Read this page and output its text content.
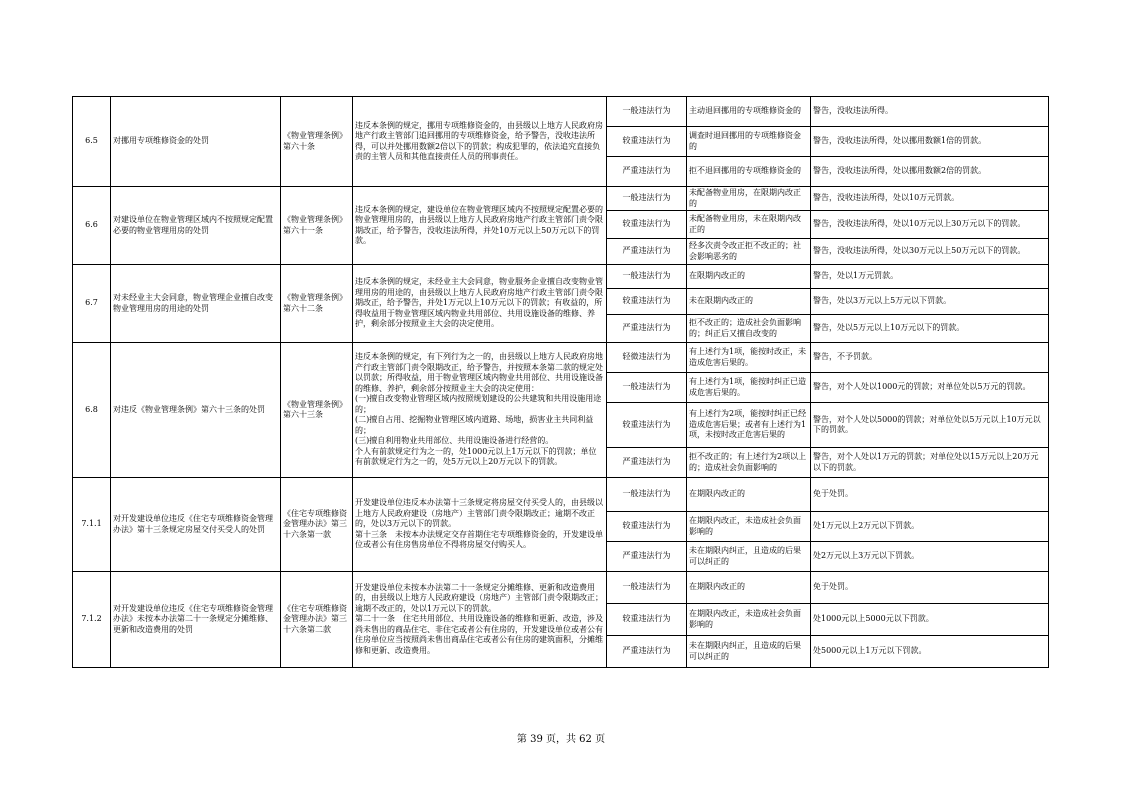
6.5	对挪用专项维修资金的处罚	《物业管理条例》第六十条	违反本条例的规定，挪用专项维修资金的，由县级以上地方人民政府房地产行政主管部门追回挪用的专项维修资金，给予警告，没收违法所得，可以并处挪用数额2倍以下的罚款；构成犯罪的，依法追究直接负责的主管人员和其他直接责任人员的刑事责任。	一般违法行为	主动退回挪用的专项维修资金的	警告，没收违法所得。
				较重违法行为	调查时退回挪用的专项维修资金的	警告，没收违法所得，处以挪用数额1倍的罚款。
				严重违法行为	拒不退回挪用的专项维修资金的	警告，没收违法所得，处以挪用数额2倍的罚款。
6.6	对建设单位在物业管理区域内不按照规定配置必要的物业管理用房的处罚	《物业管理条例》第六十一条	违反本条例的规定，建设单位在物业管理区域内不按照规定配置必要的物业管理用房的，由县级以上地方人民政府房地产行政主管部门责令限期改正，给予警告，没收违法所得，并处10万元以上50万元以下的罚款。	一般违法行为	未配备物业用房，在限期内改正的	警告，没收违法所得，处以10万元罚款。
				较重违法行为	未配备物业用房，未在限期内改正的	警告，没收违法所得，处以10万元以上30万元以下的罚款。
				严重违法行为	经多次责令改正拒不改正的；社会影响恶劣的	警告，没收违法所得，处以30万元以上50万元以下的罚款。
6.7	对未经业主大会同意，物业管理企业擅自改变物业管理用房的用途的处罚	《物业管理条例》第六十二条	违反本条例的规定，未经业主大会同意，物业服务企业擅自改变物业管理用房的用途的，由县级以上地方人民政府房地产行政主管部门责令限期改正，给予警告，并处1万元以上10万元以下的罚款；有收益的，所得收益用于物业管理区域内物业共用部位、共用设施设备的维修、养护，剩余部分按照业主大会的决定使用。	一般违法行为	在限期内改正的	警告，处以1万元罚款。
				较重违法行为	未在限期内改正的	警告，处以3万元以上5万元以下罚款。
				严重违法行为	拒不改正的；造成社会负面影响的；纠正后又擅自改变的	警告，处以5万元以上10万元以下的罚款。
6.8	对违反《物业管理条例》第六十三条的处罚	《物业管理条例》第六十三条	违反本条例的规定，有下列行为之一的，由县级以上地方人民政府房地产行政主管部门责令限期改正，给予警告，并按照本条第二款的规定处以罚款；所得收益，用于物业管理区域内物业共用部位、共用设施设备的维修、养护，剩余部分按照业主大会的决定使用：
(一)擅自改变物业管理区域内按照规划建设的公共建筑和共用设施用途的；
(二)擅自占用、挖掘物业管理区域内道路、场地，损害业主共同利益的；
(三)擅自利用物业共用部位、共用设施设备进行经营的。
个人有前款规定行为之一的，处1000元以上1万元以下的罚款；单位有前款规定行为之一的，处5万元以上20万元以下的罚款。	轻微违法行为	有上述行为1项，能按时改正，未造成危害后果的。	警告，不予罚款。
				一般违法行为	有上述行为1项，能按时纠正已造成危害后果的。	警告，对个人处以1000元的罚款；对单位处以5万元的罚款。
				较重违法行为	有上述行为2项，能按时纠正已经造成危害后果；或者有上述行为1项，未按时改正危害后果的	警告，对个人处以5000的罚款；对单位处以5万元以上10万元以下的罚款。
				严重违法行为	拒不改正的；有上述行为2项以上的；造成社会负面影响的	警告，对个人处以1万元的罚款；对单位处以15万元以上20万元以下的罚款。
7.1.1	对开发建设单位违反《住宅专项维修资金管理办法》第十三条规定房屋交付买受人的处罚	《住宅专项维修资金管理办法》第三十六条第一款	开发建设单位违反本办法第十三条规定将房屋交付买受人的，由县级以上地方人民政府建设（房地产）主管部门责令限期改正；逾期不改正的，处以3万元以下的罚款。
第十三条　未按本办法规定交存首期住宅专项维修资金的，开发建设单位或者公有住房售房单位不得将房屋交付购买人。	一般违法行为	在期限内改正的	免于处罚。
				较重违法行为	在期限内改正，未造成社会负面影响的	处1万元以上2万元以下罚款。
				严重违法行为	未在期限内纠正，且造成的后果可以纠正的	处2万元以上3万元以下罚款。
7.1.2	对开发建设单位违反《住宅专项维修资金管理办法》未按本办法第二十一条规定分摊维修、更新和改造费用的处罚	《住宅专项维修资金管理办法》第三十六条第二款	开发建设单位未按本办法第二十一条规定分摊维修、更新和改造费用的，由县级以上地方人民政府建设（房地产）主管部门责令限期改正；逾期不改正的，处以1万元以下的罚款。
第二十一条　住宅共用部位、共用设施设备的维修和更新、改造，涉及尚未售出的商品住宅、非住宅或者公有住房的，开发建设单位或者公有住房单位应当按照尚未售出商品住宅或者公有住房的建筑面积，分摊维修和更新、改造费用。	一般违法行为	在期限内改正的	免于处罚。
				较重违法行为	在期限内改正，未造成社会负面影响的	处1000元以上5000元以下罚款。
				严重违法行为	未在期限内纠正，且造成的后果可以纠正的	处5000元以上1万元以下罚款。
第 39 页，共 62 页
